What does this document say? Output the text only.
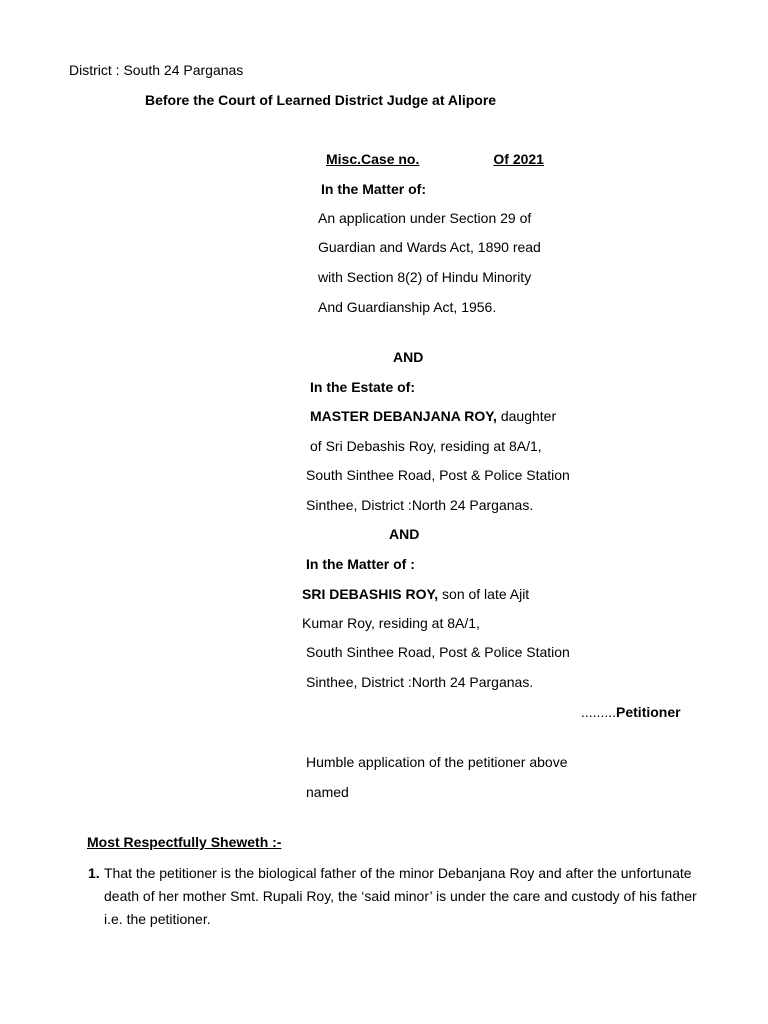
District : South 24 Parganas
Before the Court of Learned District Judge at Alipore
Misc.Case no.	Of 2021
In the Matter of:
An application under Section 29 of
Guardian and Wards Act, 1890 read
with Section 8(2) of Hindu Minority
And Guardianship Act, 1956.
AND
In the Estate of:
MASTER DEBANJANA ROY, daughter
of Sri Debashis Roy, residing at 8A/1,
South Sinthee Road, Post & Police Station
Sinthee, District :North 24 Parganas.
AND
In the Matter of :
SRI DEBASHIS ROY, son of late Ajit
Kumar Roy, residing at 8A/1,
South Sinthee Road, Post & Police Station
Sinthee, District :North 24 Parganas.
.........Petitioner
Humble application of the petitioner above
named
Most Respectfully Sheweth :-
1. That the petitioner is the biological father of the minor Debanjana Roy and after the unfortunate death of her mother Smt. Rupali Roy, the ‘said minor’ is under the care and custody of his father i.e. the petitioner.
